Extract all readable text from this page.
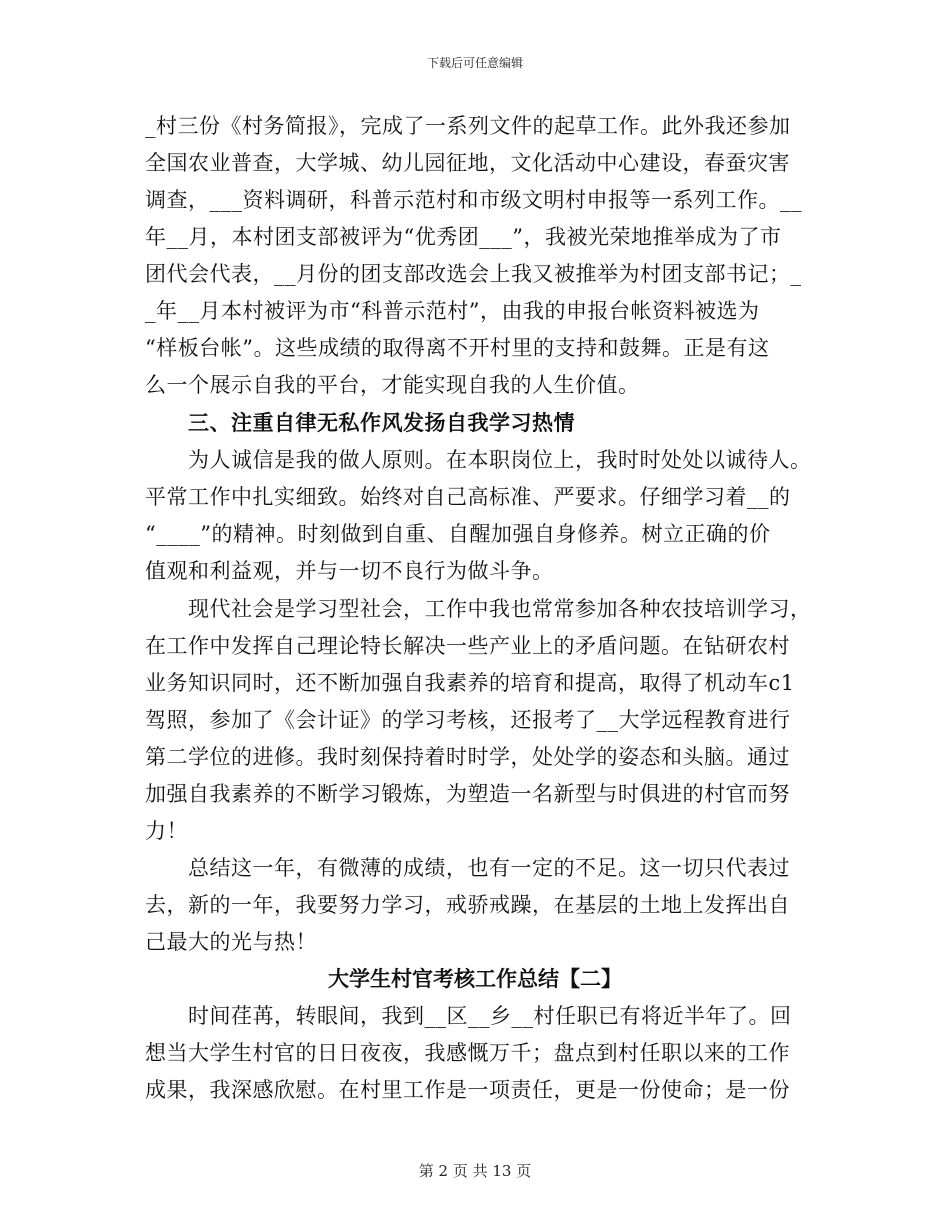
下载后可任意编辑
_村三份《村务简报》，完成了一系列文件的起草工作。此外我还参加
全国农业普查，大学城、幼儿园征地，文化活动中心建设，春蚕灾害
调查，___资料调研，科普示范村和市级文明村申报等一系列工作。__
年__月，本村团支部被评为“优秀团___”，我被光荣地推举成为了市
团代会代表，__月份的团支部改选会上我又被推举为村团支部书记；_
_年__月本村被评为市“科普示范村”，由我的申报台帐资料被选为
“样板台帐”。这些成绩的取得离不开村里的支持和鼓舞。正是有这
么一个展示自我的平台，才能实现自我的人生价值。
三、注重自律无私作风发扬自我学习热情
为人诚信是我的做人原则。在本职岗位上，我时时处处以诚待人。
平常工作中扎实细致。始终对自己高标准、严要求。仔细学习着__的
“____”的精神。时刻做到自重、自醒加强自身修养。树立正确的价
值观和利益观，并与一切不良行为做斗争。
现代社会是学习型社会，工作中我也常常参加各种农技培训学习，
在工作中发挥自己理论特长解决一些产业上的矛盾问题。在钻研农村
业务知识同时，还不断加强自我素养的培育和提高，取得了机动车c1
驾照，参加了《会计证》的学习考核，还报考了__大学远程教育进行
第二学位的进修。我时刻保持着时时学，处处学的姿态和头脑。通过
加强自我素养的不断学习锻炼，为塑造一名新型与时俱进的村官而努
力！
总结这一年，有微薄的成绩，也有一定的不足。这一切只代表过
去，新的一年，我要努力学习，戒骄戒躁，在基层的土地上发挥出自
己最大的光与热！
大学生村官考核工作总结【二】
时间荏苒，转眼间，我到__区__乡__村任职已有将近半年了。回
想当大学生村官的日日夜夜，我感慨万千；盘点到村任职以来的工作
成果，我深感欣慰。在村里工作是一项责任，更是一份使命；是一份
第 2 页 共 13 页
